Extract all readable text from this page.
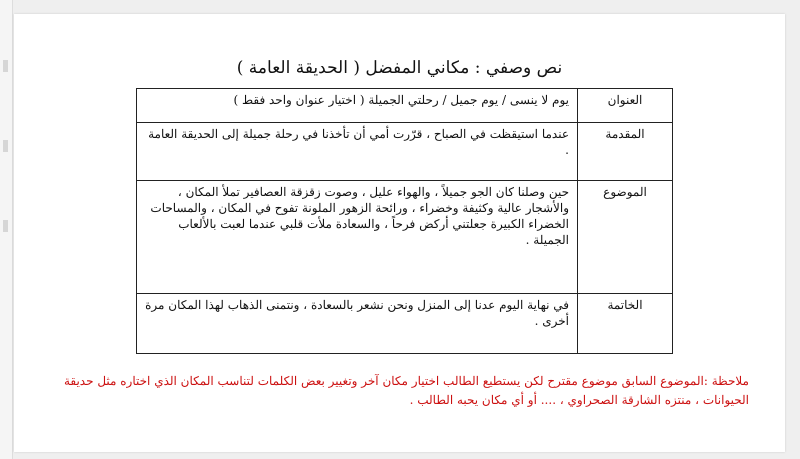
نص وصفي : مكاني المفضل ( الحديقة العامة )
العنوان	يوم لا ينسى / يوم جميل / رحلتي الجميلة ( اختيار عنوان واحد فقط )
المقدمة	عندما استيقظت في الصباح ، قرّرت أمي أن تأخذنا في رحلة جميلة إلى الحديقة العامة .
الموضوع	حين وصلنا كان الجو جميلاً ، والهواء عليل ، وصوت زقزقة العصافير تملأ المكان ، والأشجار عالية وكثيفة وخضراء ، ورائحة الزهور الملونة تفوح في المكان ، والمساحات الخضراء الكبيرة جعلتني أركض فرحاً ، والسعادة ملأت قلبي عندما لعبت بالألعاب الجميلة .
الخاتمة	في نهاية اليوم عدنا إلى المنزل ونحن نشعر بالسعادة ، ونتمنى الذهاب لهذا المكان مرة أخرى .

ملاحظة :الموضوع السابق موضوع مقترح لكن يستطيع الطالب اختيار مكان آخر وتغيير بعض الكلمات لتناسب المكان الذي اختاره مثل حديقة الحيوانات ، منتزه الشارقة الصحراوي ، .... أو أي مكان يحبه الطالب .
